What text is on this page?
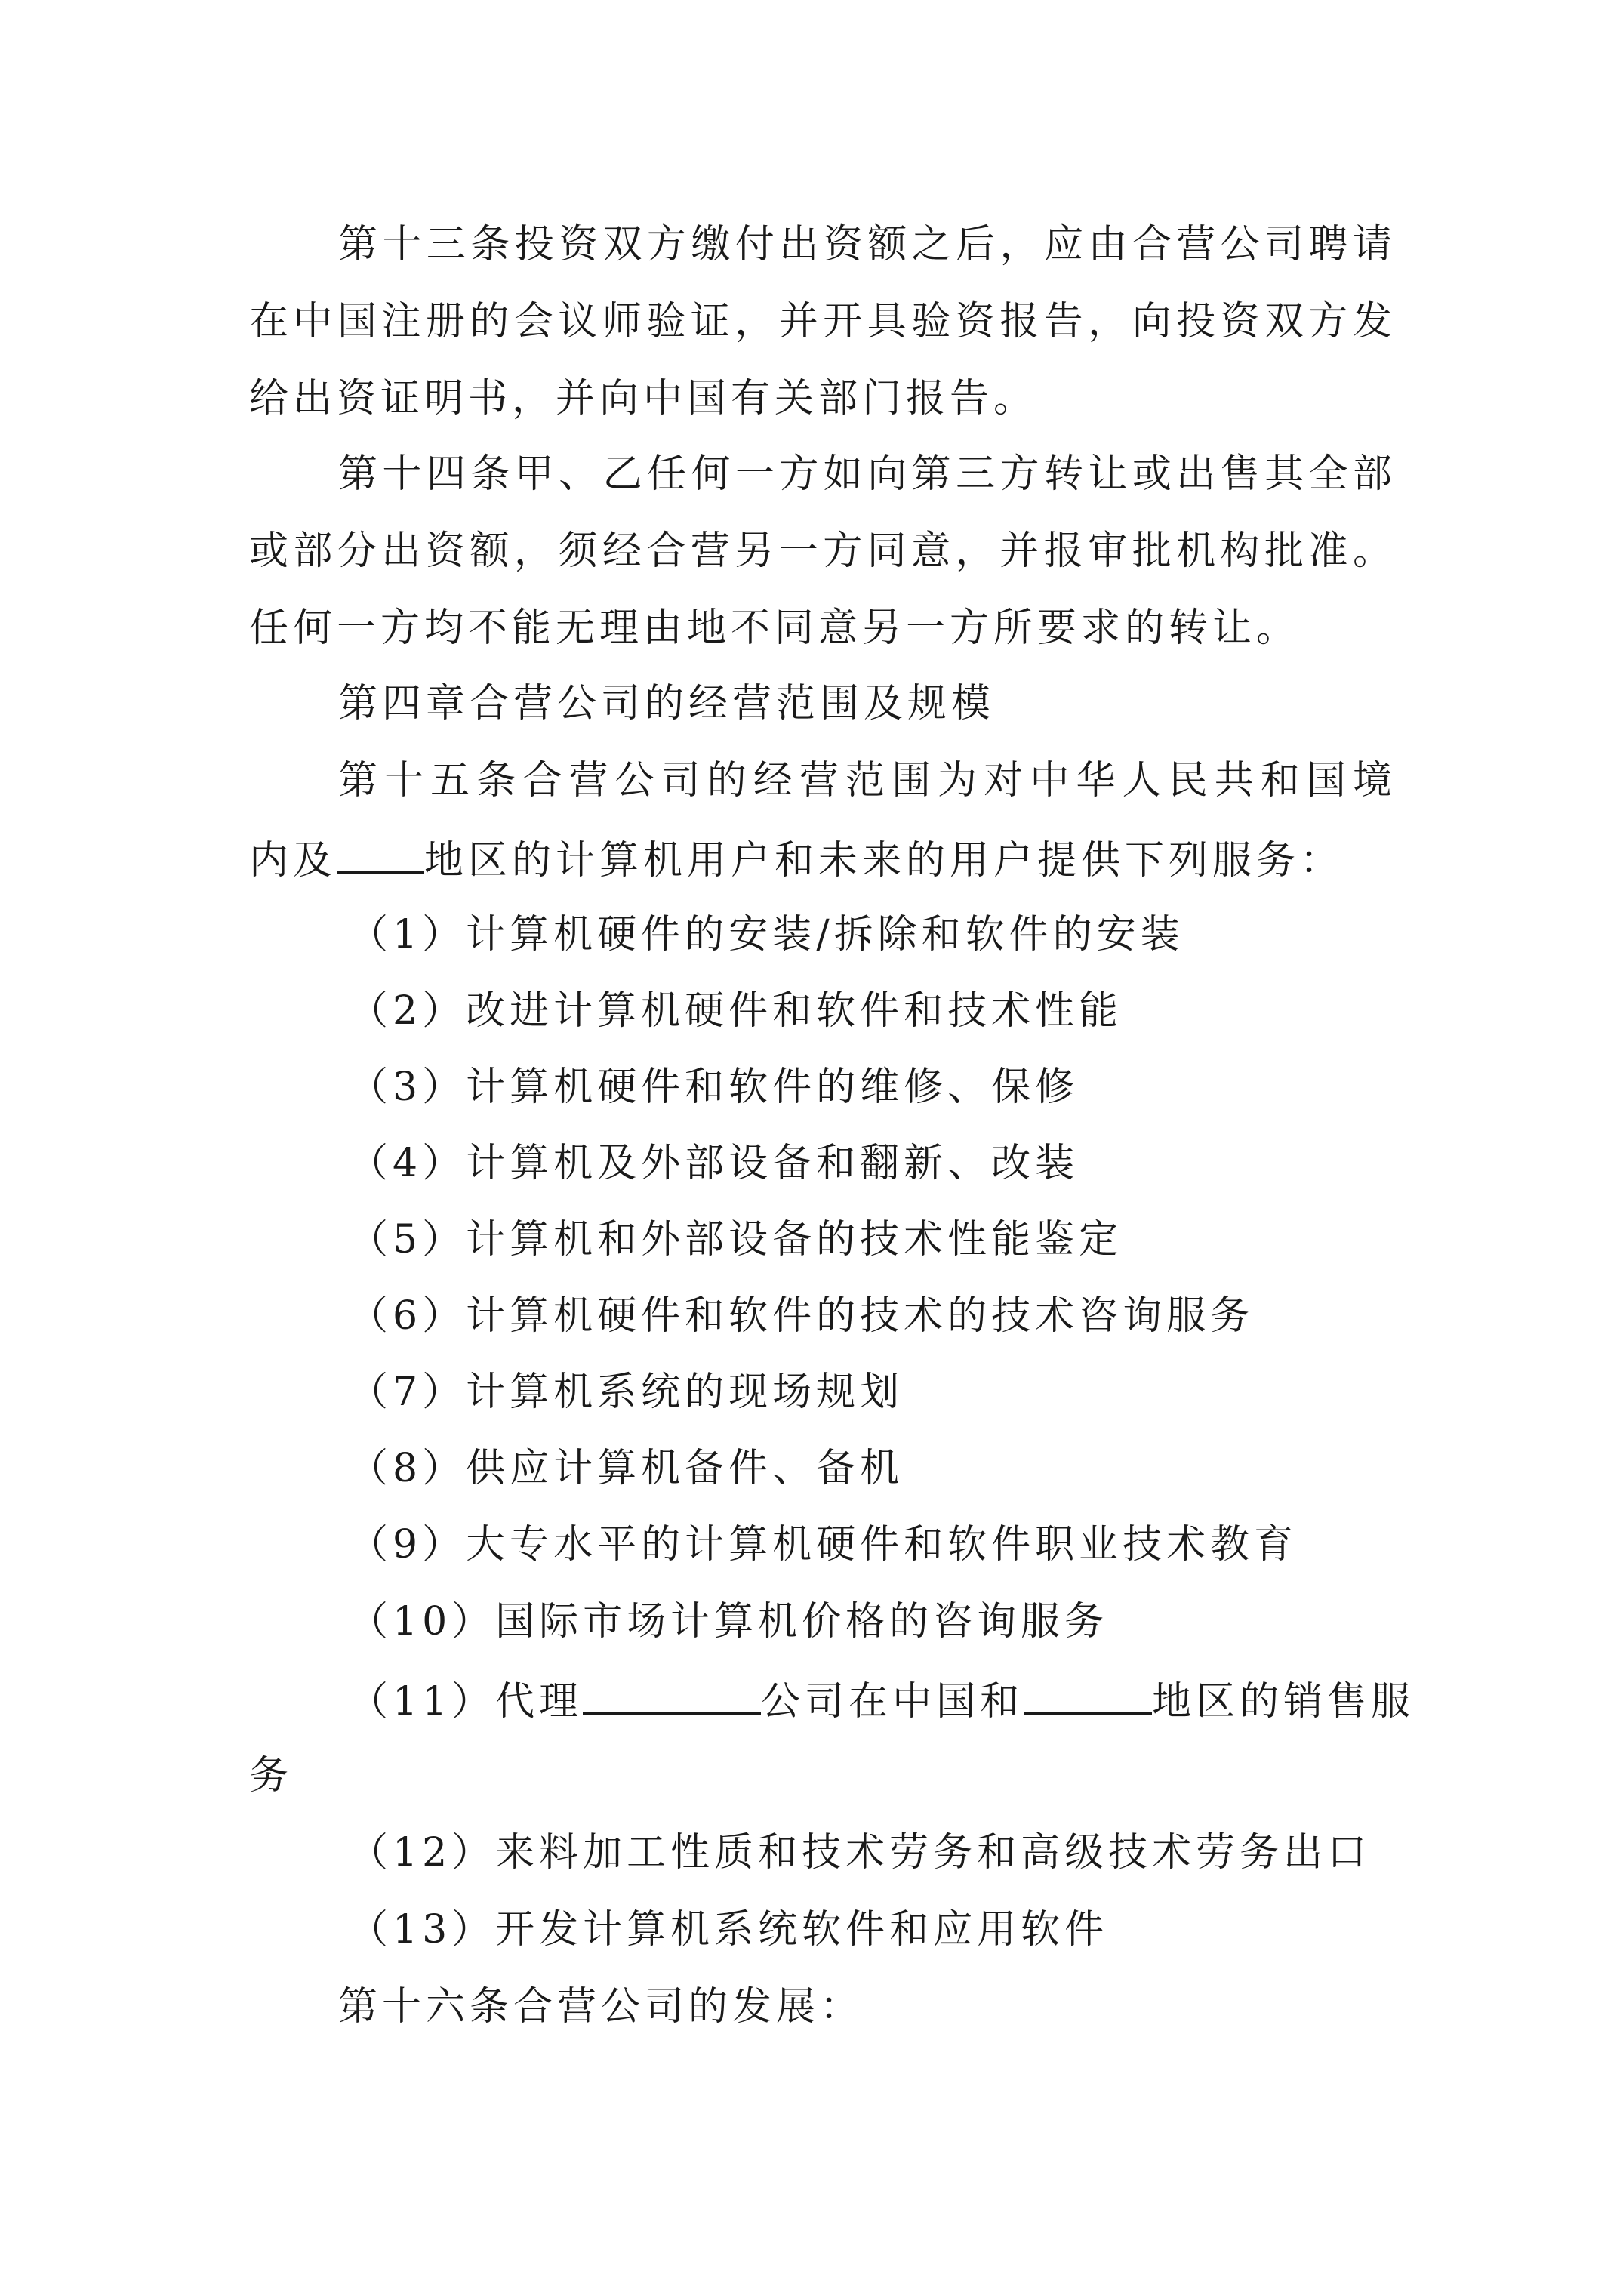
第十三条投资双方缴付出资额之后，应由合营公司聘请
在中国注册的会议师验证，并开具验资报告，向投资双方发
给出资证明书，并向中国有关部门报告。
第十四条甲、乙任何一方如向第三方转让或出售其全部
或部分出资额，须经合营另一方同意，并报审批机构批准。
任何一方均不能无理由地不同意另一方所要求的转让。
第四章合营公司的经营范围及规模
第十五条合营公司的经营范围为对中华人民共和国境
内及 地区的计算机用户和未来的用户提供下列服务：
（1）计算机硬件的安装/拆除和软件的安装
（2）改进计算机硬件和软件和技术性能
（3）计算机硬件和软件的维修、保修
（4）计算机及外部设备和翻新、改装
（5）计算机和外部设备的技术性能鉴定
（6）计算机硬件和软件的技术的技术咨询服务
（7）计算机系统的现场规划
（8）供应计算机备件、备机
（9）大专水平的计算机硬件和软件职业技术教育
（10）国际市场计算机价格的咨询服务
（11）代理	公司在中国和	地区的销售服
务
（12）来料加工性质和技术劳务和高级技术劳务出口
（13）开发计算机系统软件和应用软件
第十六条合营公司的发展：
